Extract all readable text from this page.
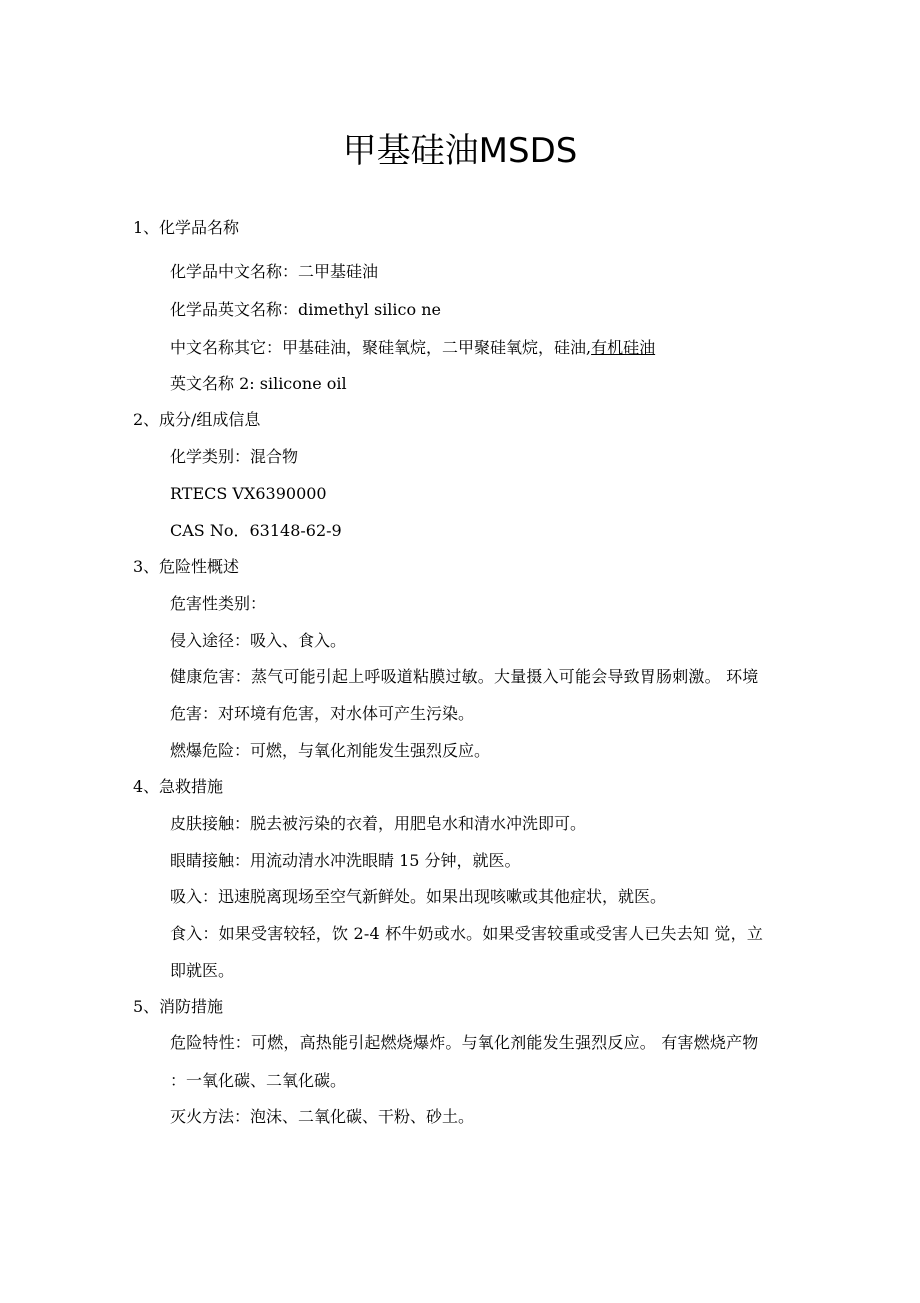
甲基硅油MSDS
1、化学品名称
化学品中文名称：二甲基硅油
化学品英文名称：dimethyl silico ne
中文名称其它：甲基硅油，聚硅氧烷，二甲聚硅氧烷，硅油,有机硅油
英文名称 2: silicone oil
2、成分/组成信息
化学类别：混合物
RTECS VX6390000
CAS No．63148-62-9
3、危险性概述
危害性类别：
侵入途径：吸入、食入。
健康危害：蒸气可能引起上呼吸道粘膜过敏。大量摄入可能会导致胃肠刺激。 环境
危害：对环境有危害，对水体可产生污染。
燃爆危险：可燃，与氧化剂能发生强烈反应。
4、急救措施
皮肤接触：脱去被污染的衣着，用肥皂水和清水冲洗即可。
眼睛接触：用流动清水冲洗眼睛 15 分钟，就医。
吸入：迅速脱离现场至空气新鲜处。如果出现咳嗽或其他症状，就医。
食入：如果受害较轻，饮 2-4 杯牛奶或水。如果受害较重或受害人已失去知 觉，立
即就医。
5、消防措施
危险特性：可燃，高热能引起燃烧爆炸。与氧化剂能发生强烈反应。 有害燃烧产物
：一氧化碳、二氧化碳。
灭火方法：泡沫、二氧化碳、干粉、砂土。
